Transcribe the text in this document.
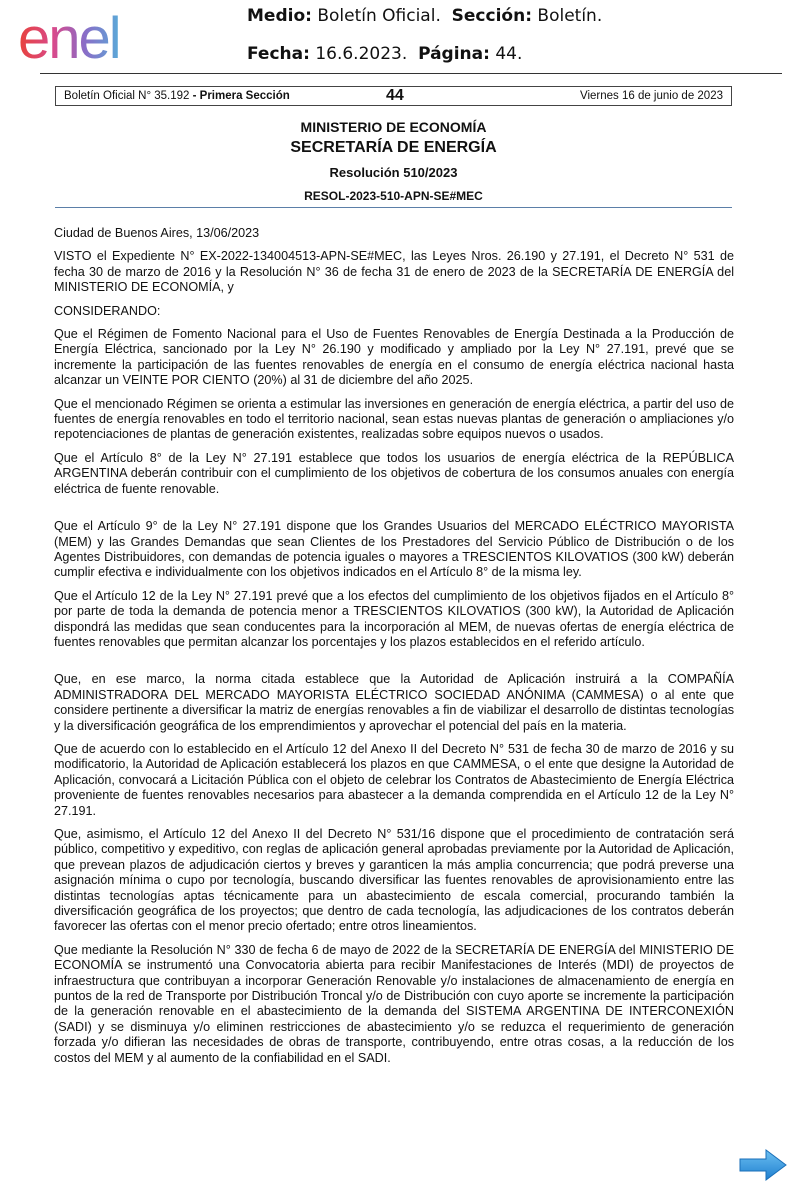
enel	Medio: Boletín Oficial. Sección: Boletín.
Fecha: 16.6.2023. Página: 44.
Boletín Oficial N° 35.192 - Primera Sección	44	Viernes 16 de junio de 2023
MINISTERIO DE ECONOMÍA
SECRETARÍA DE ENERGÍA
Resolución 510/2023
RESOL-2023-510-APN-SE#MEC

Ciudad de Buenos Aires, 13/06/2023

VISTO el Expediente N° EX-2022-134004513-APN-SE#MEC, las Leyes Nros. 26.190 y 27.191, el Decreto N° 531 de fecha 30 de marzo de 2016 y la Resolución N° 36 de fecha 31 de enero de 2023 de la SECRETARÍA DE ENERGÍA del MINISTERIO DE ECONOMÍA, y

CONSIDERANDO:

Que el Régimen de Fomento Nacional para el Uso de Fuentes Renovables de Energía Destinada a la Producción de Energía Eléctrica, sancionado por la Ley N° 26.190 y modificado y ampliado por la Ley N° 27.191, prevé que se incremente la participación de las fuentes renovables de energía en el consumo de energía eléctrica nacional hasta alcanzar un VEINTE POR CIENTO (20%) al 31 de diciembre del año 2025.

Que el mencionado Régimen se orienta a estimular las inversiones en generación de energía eléctrica, a partir del uso de fuentes de energía renovables en todo el territorio nacional, sean estas nuevas plantas de generación o ampliaciones y/o repotenciaciones de plantas de generación existentes, realizadas sobre equipos nuevos o usados.

Que el Artículo 8° de la Ley N° 27.191 establece que todos los usuarios de energía eléctrica de la REPÚBLICA ARGENTINA deberán contribuir con el cumplimiento de los objetivos de cobertura de los consumos anuales con energía eléctrica de fuente renovable.

Que el Artículo 9° de la Ley N° 27.191 dispone que los Grandes Usuarios del MERCADO ELÉCTRICO MAYORISTA (MEM) y las Grandes Demandas que sean Clientes de los Prestadores del Servicio Público de Distribución o de los Agentes Distribuidores, con demandas de potencia iguales o mayores a TRESCIENTOS KILOVATIOS (300 kW) deberán cumplir efectiva e individualmente con los objetivos indicados en el Artículo 8° de la misma ley.

Que el Artículo 12 de la Ley N° 27.191 prevé que a los efectos del cumplimiento de los objetivos fijados en el Artículo 8° por parte de toda la demanda de potencia menor a TRESCIENTOS KILOVATIOS (300 kW), la Autoridad de Aplicación dispondrá las medidas que sean conducentes para la incorporación al MEM, de nuevas ofertas de energía eléctrica de fuentes renovables que permitan alcanzar los porcentajes y los plazos establecidos en el referido artículo.

Que, en ese marco, la norma citada establece que la Autoridad de Aplicación instruirá a la COMPAÑÍA ADMINISTRADORA DEL MERCADO MAYORISTA ELÉCTRICO SOCIEDAD ANÓNIMA (CAMMESA) o al ente que considere pertinente a diversificar la matriz de energías renovables a fin de viabilizar el desarrollo de distintas tecnologías y la diversificación geográfica de los emprendimientos y aprovechar el potencial del país en la materia.

Que de acuerdo con lo establecido en el Artículo 12 del Anexo II del Decreto N° 531 de fecha 30 de marzo de 2016 y su modificatorio, la Autoridad de Aplicación establecerá los plazos en que CAMMESA, o el ente que designe la Autoridad de Aplicación, convocará a Licitación Pública con el objeto de celebrar los Contratos de Abastecimiento de Energía Eléctrica proveniente de fuentes renovables necesarios para abastecer a la demanda comprendida en el Artículo 12 de la Ley N° 27.191.

Que, asimismo, el Artículo 12 del Anexo II del Decreto N° 531/16 dispone que el procedimiento de contratación será público, competitivo y expeditivo, con reglas de aplicación general aprobadas previamente por la Autoridad de Aplicación, que prevean plazos de adjudicación ciertos y breves y garanticen la más amplia concurrencia; que podrá preverse una asignación mínima o cupo por tecnología, buscando diversificar las fuentes renovables de aprovisionamiento entre las distintas tecnologías aptas técnicamente para un abastecimiento de escala comercial, procurando también la diversificación geográfica de los proyectos; que dentro de cada tecnología, las adjudicaciones de los contratos deberán favorecer las ofertas con el menor precio ofertado; entre otros lineamientos.

Que mediante la Resolución N° 330 de fecha 6 de mayo de 2022 de la SECRETARÍA DE ENERGÍA del MINISTERIO DE ECONOMÍA se instrumentó una Convocatoria abierta para recibir Manifestaciones de Interés (MDI) de proyectos de infraestructura que contribuyan a incorporar Generación Renovable y/o instalaciones de almacenamiento de energía en puntos de la red de Transporte por Distribución Troncal y/o de Distribución con cuyo aporte se incremente la participación de la generación renovable en el abastecimiento de la demanda del SISTEMA ARGENTINA DE INTERCONEXIÓN (SADI) y se disminuya y/o eliminen restricciones de abastecimiento y/o se reduzca el requerimiento de generación forzada y/o difieran las necesidades de obras de transporte, contribuyendo, entre otras cosas, a la reducción de los costos del MEM y al aumento de la confiabilidad en el SADI.
